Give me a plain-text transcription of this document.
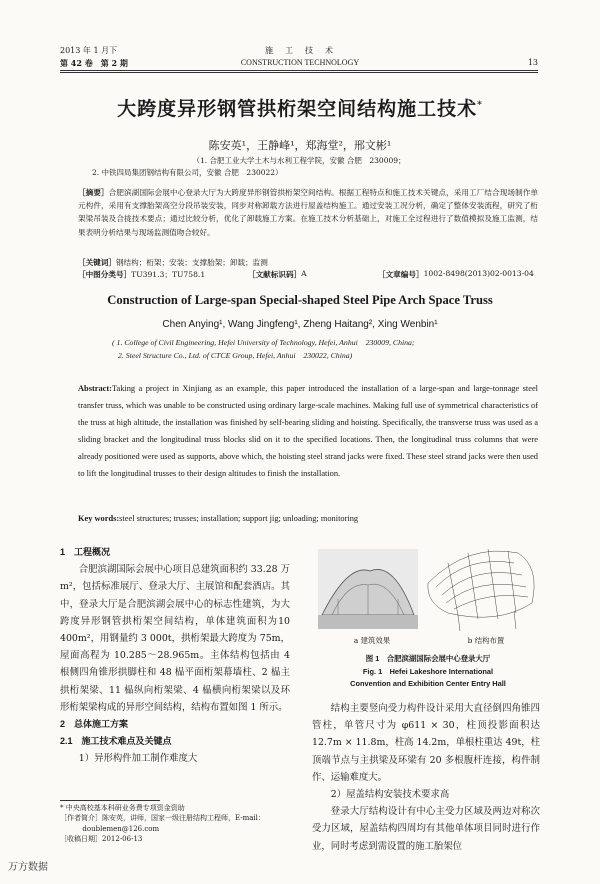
2013 年 1 月下
第 42 卷　第 2 期
施　工　技　术
CONSTRUCTION TECHNOLOGY	13
大跨度异形钢管拱桁架空间结构施工技术*
陈安英¹，王静峰¹，郑海堂²，邢文彬¹
（1. 合肥工业大学土木与水利工程学院，安徽 合肥　230009；
2. 中铁四局集团钢结构有限公司，安徽 合肥　230022）
［摘要］合肥滨湖国际会展中心登录大厅为大跨度异形钢管拱桁架空间结构。根据工程特点和施工技术关键点，采用工厂结合现场制作单元构件，采用有支撑胎架高空分段吊装安装，同步对称卸载方法进行屋盖结构施工。通过安装工况分析，确定了整体安装流程，研究了桁架梁吊装及合拢技术要点；通过比较分析，优化了卸载施工方案。在施工技术分析基础上，对施工全过程进行了数值模拟及施工监测，结果表明分析结果与现场监测值吻合较好。
［关键词］钢结构；桁架；安装；支撑胎架；卸载；监测
［中图分类号］ TU391.3；TU758.1	［文献标识码］ A	［文章编号］ 1002-8498(2013)02-0013-04
Construction of Large-span Special-shaped Steel Pipe Arch Space Truss
Chen Anying¹, Wang Jingfeng¹, Zheng Haitang², Xing Wenbin¹
( 1. College of Civil Engineering, Hefei University of Technology, Hefei, Anhui　230009, China;
2. Steel Structure Co., Ltd. of CTCE Group, Hefei, Anhui　230022, China)
Abstract:Taking a project in Xinjiang as an example, this paper introduced the installation of a large-span and large-tonnage steel transfer truss, which was unable to be constructed using ordinary large-scale machines. Making full use of symmetrical characteristics of the truss at high altitude, the installation was finished by self-bearing sliding and hoisting. Specifically, the transverse truss was used as a sliding bracket and the longitudinal truss blocks slid on it to the specified locations. Then, the longitudinal truss columns that were already positioned were used as supports, above which, the hoisting steel strand jacks were fixed. These steel strand jacks were then used to lift the longitudinal trusses to their design altitudes to finish the installation.
Key words:steel structures; trusses; installation; support jig; unloading; monitoring
1　工程概况
合肥滨湖国际会展中心项目总建筑面积约 33.28 万 m²，包括标准展厅、登录大厅、主展馆和配套酒店。其中，登录大厅是合肥滨湖会展中心的标志性建筑，为大跨度异形钢管拱桁架空间结构，单体建筑面积为10 400m²，用钢量约 3 000t，拱桁架最大跨度为 75m，屋面高程为 10.285～28.965m。主体结构包括由 4 根侧四角锥形拱脚柱和 48 榀平面桁架幕墙柱、2 榀主拱桁架梁、11 榀纵向桁架梁、4 榀横向桁架梁以及环形桁架梁构成的异形空间结构，结构布置如图 1 所示。
2　总体施工方案
2.1　施工技术难点及关键点
1）异形构件加工制作难度大
a 建筑效果	b 结构布置
图 1　合肥滨湖国际会展中心登录大厅
Fig. 1　Hefei Lakeshore International
Convention and Exhibition Center Entry Hall
结构主要竖向受力构件设计采用大直径倒四角锥四管柱，单管尺寸为 φ611 × 30，柱顶投影面积达 12.7m × 11.8m，柱高 14.2m，单根柱重达 49t，柱顶端节点与主拱梁及环梁有 20 多根腹杆连接，构件制作、运输难度大。
2）屋盖结构安装技术要求高
登录大厅结构设计有中心主受力区域及两边对称次受力区域，屋盖结构四周均有其他单体项目同时进行作业，同时考虑到需设置的施工胎架位
* 中央高校基本科研业务费专项资金资助
［作者简介］陈安英，讲师，国家一级注册结构工程师，E-mail：
doublemen@126.com
［收稿日期］2012-06-13
万方数据
